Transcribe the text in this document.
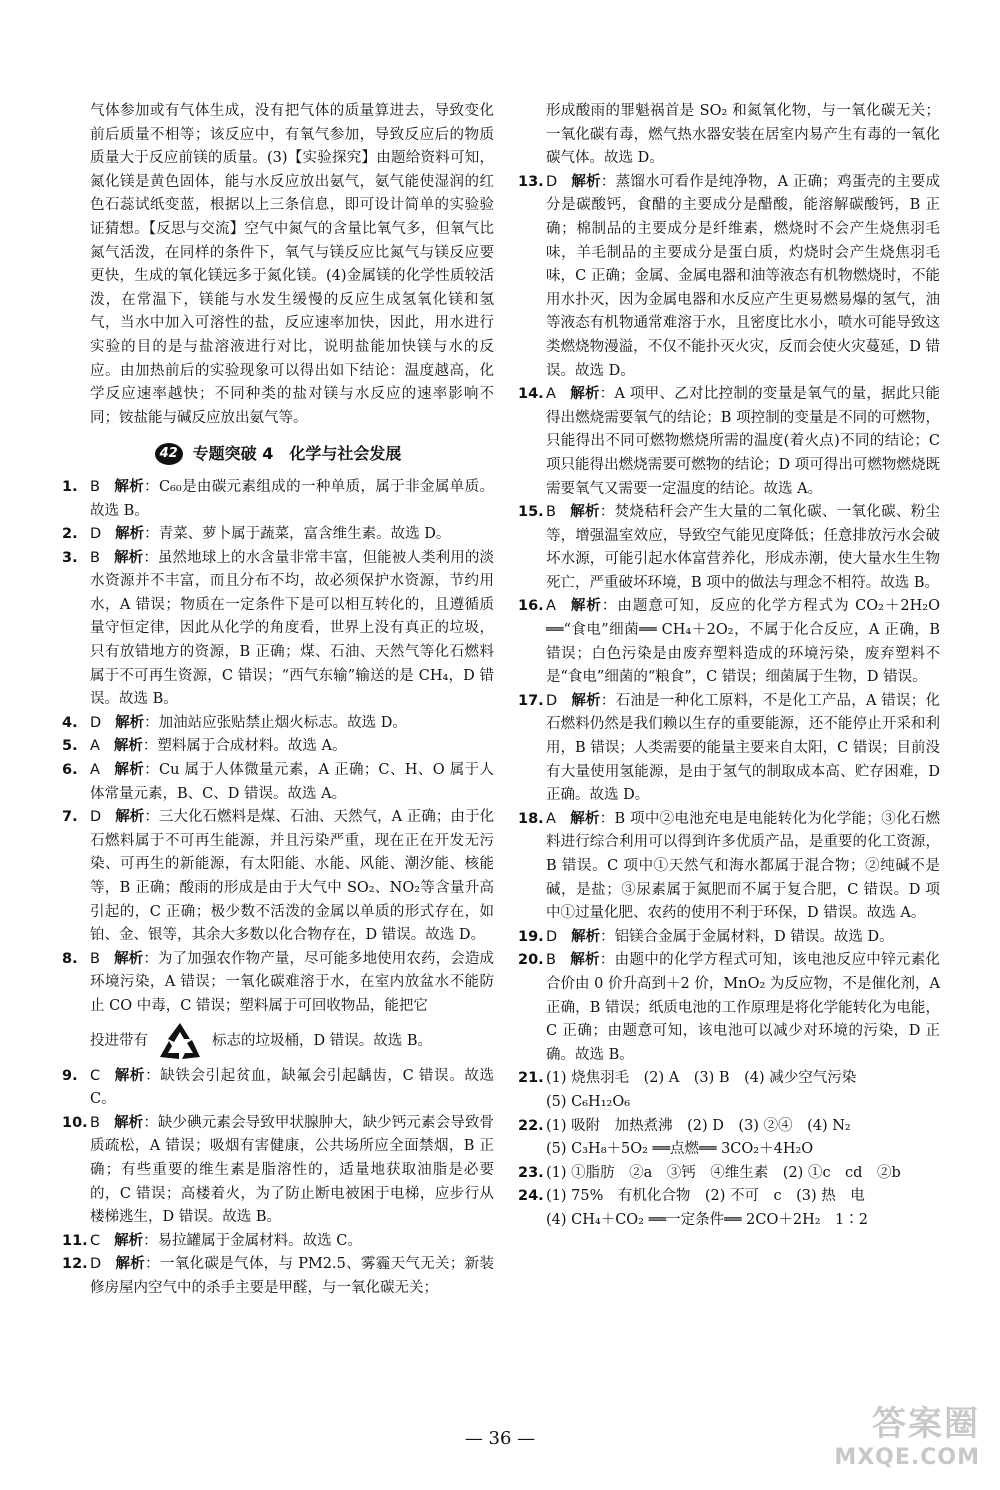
气体参加或有气体生成，没有把气体的质量算进去，导致变化前后质量不相等；该反应中，有氧气参加，导致反应后的物质质量大于反应前镁的质量。(3)【实验探究】由题给资料可知，氮化镁是黄色固体，能与水反应放出氨气，氨气能使湿润的红色石蕊试纸变蓝，根据以上三条信息，即可设计简单的实验验证猜想。【反思与交流】空气中氮气的含量比氧气多，但氧气比氮气活泼，在同样的条件下，氧气与镁反应比氮气与镁反应要更快，生成的氧化镁远多于氮化镁。(4)金属镁的化学性质较活泼，在常温下，镁能与水发生缓慢的反应生成氢氧化镁和氢气，当水中加入可溶性的盐，反应速率加快，因此，用水进行实验的目的是与盐溶液进行对比，说明盐能加快镁与水的反应。由加热前后的实验现象可以得出如下结论：温度越高，化学反应速率越快；不同种类的盐对镁与水反应的速率影响不同；铵盐能与碱反应放出氨气等。

42 专题突破 4　化学与社会发展
1. B 解析：C₆₀是由碳元素组成的一种单质，属于非金属单质。故选 B。
2. D 解析：青菜、萝卜属于蔬菜，富含维生素。故选 D。
3. B 解析：虽然地球上的水含量非常丰富，但能被人类利用的淡水资源并不丰富，而且分布不均，故必须保护水资源，节约用水，A 错误；物质在一定条件下是可以相互转化的，且遵循质量守恒定律，因此从化学的角度看，世界上没有真正的垃圾，只有放错地方的资源，B 正确；煤、石油、天然气等化石燃料属于不可再生资源，C 错误；“西气东输”输送的是 CH₄，D 错误。故选 B。
4. D 解析：加油站应张贴禁止烟火标志。故选 D。
5. A 解析：塑料属于合成材料。故选 A。
6. A 解析：Cu 属于人体微量元素，A 正确；C、H、O 属于人体常量元素，B、C、D 错误。故选 A。
7. D 解析：三大化石燃料是煤、石油、天然气，A 正确；由于化石燃料属于不可再生能源，并且污染严重，现在正在开发无污染、可再生的新能源，有太阳能、水能、风能、潮汐能、核能等，B 正确；酸雨的形成是由于大气中 SO₂、NO₂等含量升高引起的，C 正确；极少数不活泼的金属以单质的形式存在，如铂、金、银等，其余大多数以化合物存在，D 错误。故选 D。
8. B 解析：为了加强农作物产量，尽可能多地使用农药，会造成环境污染，A 错误；一氧化碳难溶于水，在室内放盆水不能防止 CO 中毒，C 错误；塑料属于可回收物品，能把它
投进带有	标志的垃圾桶，D 错误。故选 B。
9. C 解析：缺铁会引起贫血，缺氟会引起龋齿，C 错误。故选 C。
10. B 解析：缺少碘元素会导致甲状腺肿大，缺少钙元素会导致骨质疏松，A 错误；吸烟有害健康，公共场所应全面禁烟，B 正确；有些重要的维生素是脂溶性的，适量地获取油脂是必要的，C 错误；高楼着火，为了防止断电被困于电梯，应步行从楼梯逃生，D 错误。故选 B。
11. C 解析：易拉罐属于金属材料。故选 C。
12. D 解析：一氧化碳是气体，与 PM2.5、雾霾天气无关；新装修房屋内空气中的杀手主要是甲醛，与一氧化碳无关；

形成酸雨的罪魁祸首是 SO₂ 和氮氧化物，与一氧化碳无关；一氧化碳有毒，燃气热水器安装在居室内易产生有毒的一氧化碳气体。故选 D。

13. D 解析：蒸馏水可看作是纯净物，A 正确；鸡蛋壳的主要成分是碳酸钙，食醋的主要成分是醋酸，能溶解碳酸钙，B 正确；棉制品的主要成分是纤维素，燃烧时不会产生烧焦羽毛味，羊毛制品的主要成分是蛋白质，灼烧时会产生烧焦羽毛味，C 正确；金属、金属电器和油等液态有机物燃烧时，不能用水扑灭，因为金属电器和水反应产生更易燃易爆的氢气，油等液态有机物通常难溶于水，且密度比水小，喷水可能导致这类燃烧物漫溢，不仅不能扑灭火灾，反而会使火灾蔓延，D 错误。故选 D。
14. A 解析：A 项甲、乙对比控制的变量是氧气的量，据此只能得出燃烧需要氧气的结论；B 项控制的变量是不同的可燃物，只能得出不同可燃物燃烧所需的温度(着火点)不同的结论；C 项只能得出燃烧需要可燃物的结论；D 项可得出可燃物燃烧既需要氧气又需要一定温度的结论。故选 A。
15. B 解析：焚烧秸秆会产生大量的二氧化碳、一氧化碳、粉尘等，增强温室效应，导致空气能见度降低；任意排放污水会破坏水源，可能引起水体富营养化，形成赤潮，使大量水生生物死亡，严重破坏环境，B 项中的做法与理念不相符。故选 B。
16. A 解析：由题意可知，反应的化学方程式为 CO₂＋2H₂O ══“食电”细菌══ CH₄＋2O₂，不属于化合反应，A 正确，B 错误；白色污染是由废弃塑料造成的环境污染，废弃塑料不是“食电”细菌的“粮食”，C 错误；细菌属于生物，D 错误。
17. D 解析：石油是一种化工原料，不是化工产品，A 错误；化石燃料仍然是我们赖以生存的重要能源，还不能停止开采和利用，B 错误；人类需要的能量主要来自太阳，C 错误；目前没有大量使用氢能源，是由于氢气的制取成本高、贮存困难，D 正确。故选 D。
18. A 解析：B 项中②电池充电是电能转化为化学能；③化石燃料进行综合利用可以得到许多优质产品，是重要的化工资源，B 错误。C 项中①天然气和海水都属于混合物；②纯碱不是碱，是盐；③尿素属于氮肥而不属于复合肥，C 错误。D 项中①过量化肥、农药的使用不利于环保，D 错误。故选 A。
19. D 解析：铝镁合金属于金属材料，D 错误。故选 D。
20. B 解析：由题中的化学方程式可知，该电池反应中锌元素化合价由 0 价升高到＋2 价，MnO₂ 为反应物，不是催化剂，A 正确，B 错误；纸质电池的工作原理是将化学能转化为电能，C 正确；由题意可知，该电池可以减少对环境的污染，D 正确。故选 B。
21. (1) 烧焦羽毛　(2) A　(3) B　(4) 减少空气污染
(5) C₆H₁₂O₆
22. (1) 吸附　加热煮沸　(2) D　(3) ②④　(4) N₂
(5) C₃H₈＋5O₂ ══点燃══ 3CO₂＋4H₂O
23. (1) ①脂肪　②a　③钙　④维生素　(2) ①c　cd　②b
24. (1) 75%　有机化合物　(2) 不可　c　(3) 热　电
(4) CH₄＋CO₂ ══一定条件══ 2CO＋2H₂　1∶2
— 36 —	答案圈
MXQE.COM
